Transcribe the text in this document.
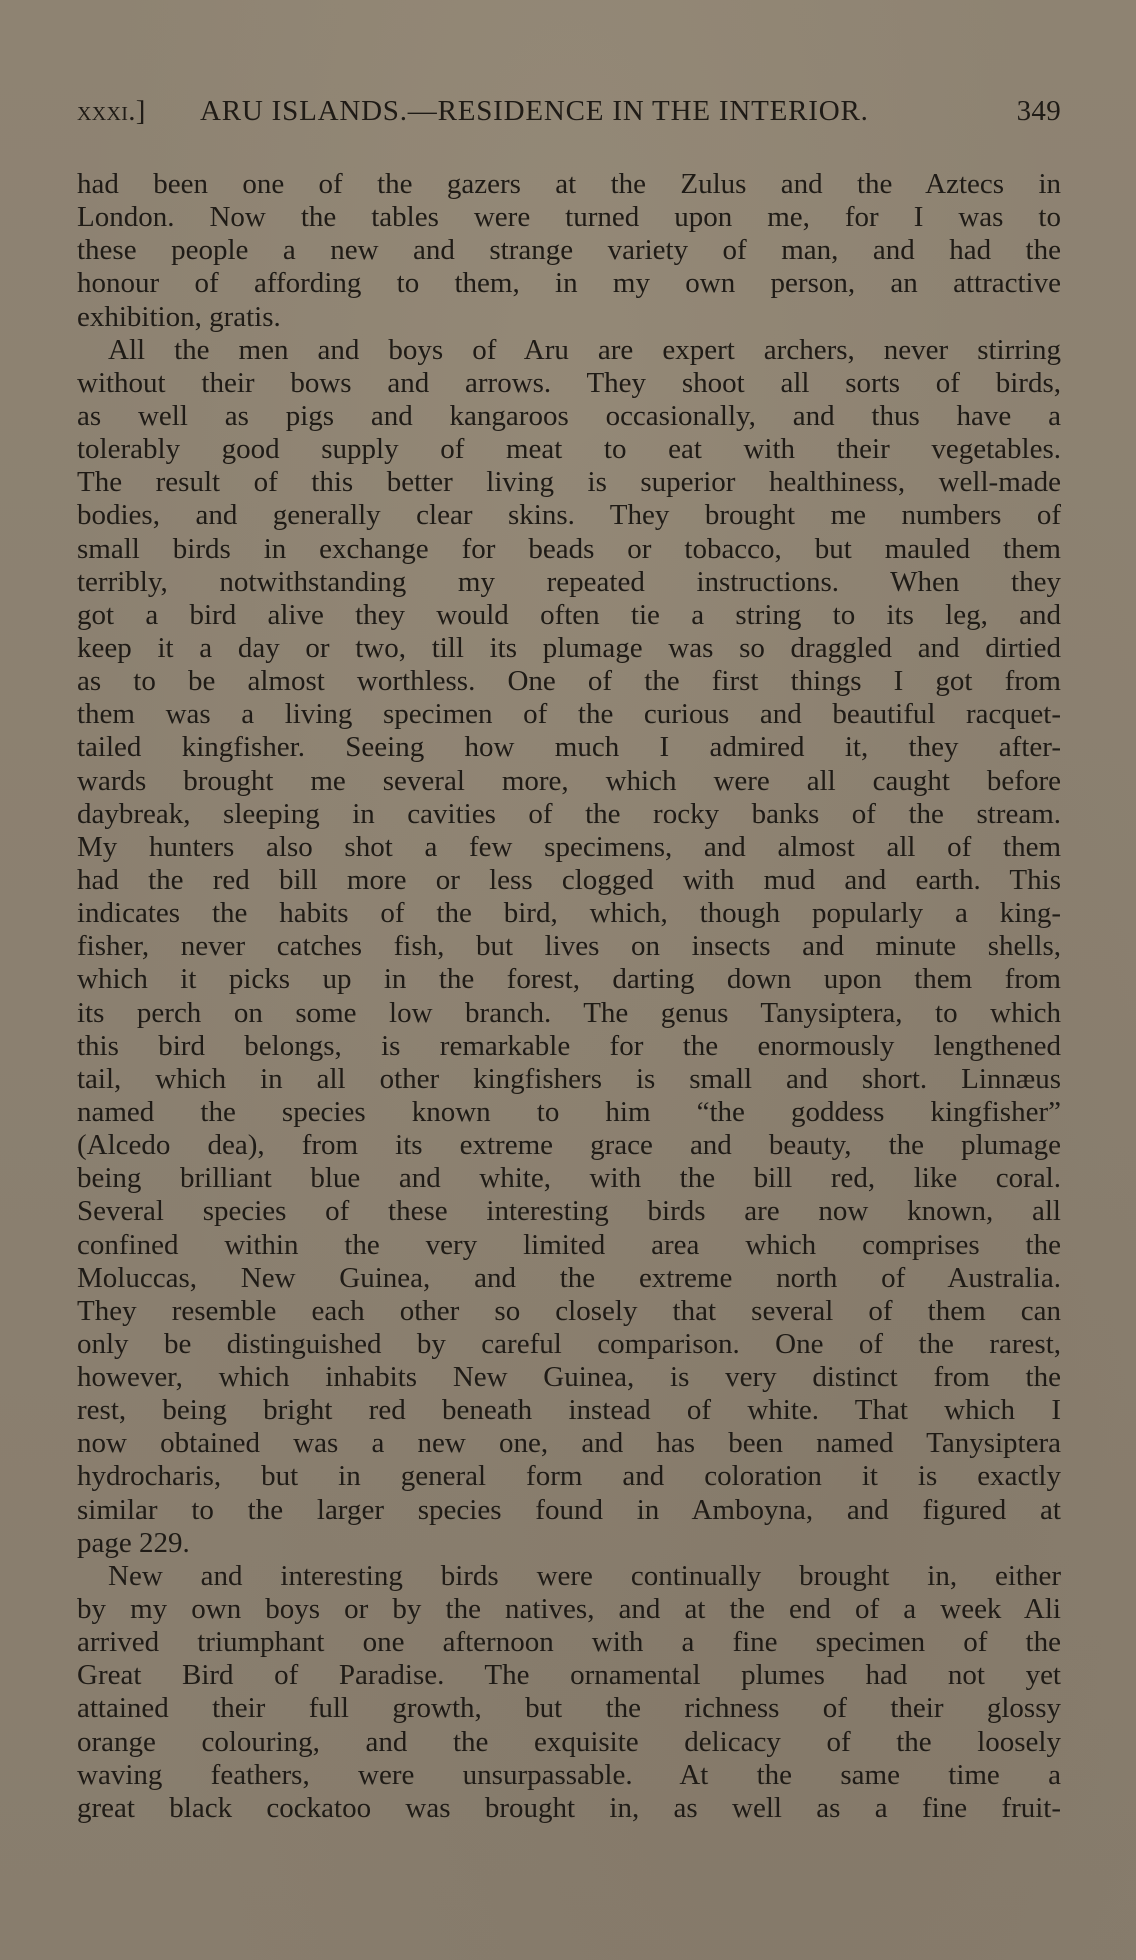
xxxi.] ARU ISLANDS.—RESIDENCE IN THE INTERIOR.	349
had been one of the gazers at the Zulus and the Aztecs in
London. Now the tables were turned upon me, for I was to
these people a new and strange variety of man, and had the
honour of affording to them, in my own person, an attractive
exhibition, gratis.
All the men and boys of Aru are expert archers, never stirring
without their bows and arrows. They shoot all sorts of birds,
as well as pigs and kangaroos occasionally, and thus have a
tolerably good supply of meat to eat with their vegetables.
The result of this better living is superior healthiness, well-made
bodies, and generally clear skins. They brought me numbers of
small birds in exchange for beads or tobacco, but mauled them
terribly, notwithstanding my repeated instructions. When they
got a bird alive they would often tie a string to its leg, and
keep it a day or two, till its plumage was so draggled and dirtied
as to be almost worthless. One of the first things I got from
them was a living specimen of the curious and beautiful racquet-
tailed kingfisher. Seeing how much I admired it, they after-
wards brought me several more, which were all caught before
daybreak, sleeping in cavities of the rocky banks of the stream.
My hunters also shot a few specimens, and almost all of them
had the red bill more or less clogged with mud and earth. This
indicates the habits of the bird, which, though popularly a king-
fisher, never catches fish, but lives on insects and minute shells,
which it picks up in the forest, darting down upon them from
its perch on some low branch. The genus Tanysiptera, to which
this bird belongs, is remarkable for the enormously lengthened
tail, which in all other kingfishers is small and short. Linnæus
named the species known to him “the goddess kingfisher”
(Alcedo dea), from its extreme grace and beauty, the plumage
being brilliant blue and white, with the bill red, like coral.
Several species of these interesting birds are now known, all
confined within the very limited area which comprises the
Moluccas, New Guinea, and the extreme north of Australia.
They resemble each other so closely that several of them can
only be distinguished by careful comparison. One of the rarest,
however, which inhabits New Guinea, is very distinct from the
rest, being bright red beneath instead of white. That which I
now obtained was a new one, and has been named Tanysiptera
hydrocharis, but in general form and coloration it is exactly
similar to the larger species found in Amboyna, and figured at
page 229.
New and interesting birds were continually brought in, either
by my own boys or by the natives, and at the end of a week Ali
arrived triumphant one afternoon with a fine specimen of the
Great Bird of Paradise. The ornamental plumes had not yet
attained their full growth, but the richness of their glossy
orange colouring, and the exquisite delicacy of the loosely
waving feathers, were unsurpassable. At the same time a
great black cockatoo was brought in, as well as a fine fruit-
